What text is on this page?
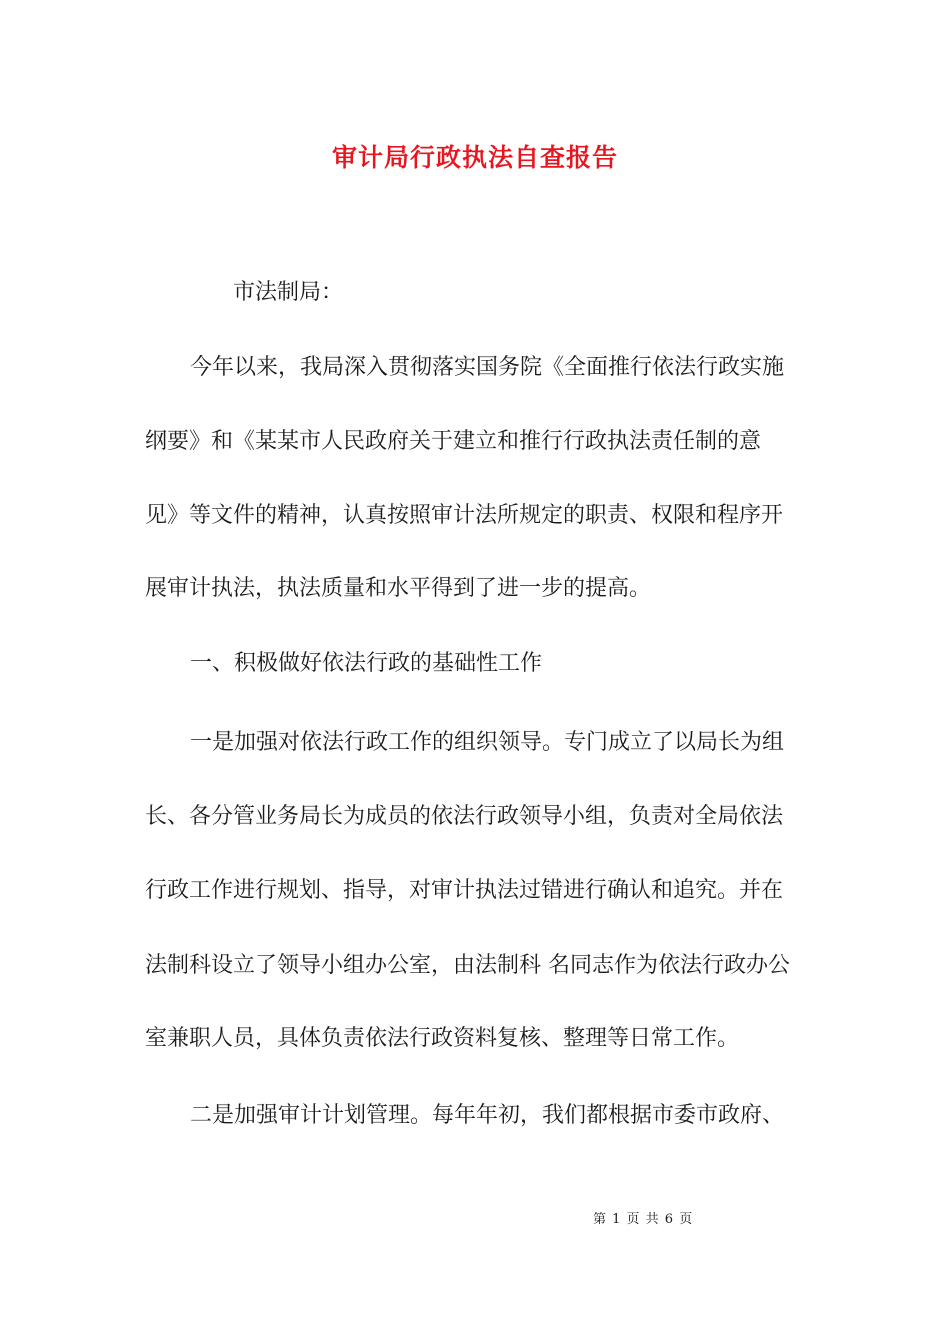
审计局行政执法自查报告
市法制局：
今年以来，我局深入贯彻落实国务院《全面推行依法行政实施
纲要》和《某某市人民政府关于建立和推行行政执法责任制的意
见》等文件的精神，认真按照审计法所规定的职责、权限和程序开
展审计执法，执法质量和水平得到了进一步的提高。
一、积极做好依法行政的基础性工作
一是加强对依法行政工作的组织领导。专门成立了以局长为组
长、各分管业务局长为成员的依法行政领导小组，负责对全局依法
行政工作进行规划、指导，对审计执法过错进行确认和追究。并在
法制科设立了领导小组办公室，由法制科 名同志作为依法行政办公
室兼职人员，具体负责依法行政资料复核、整理等日常工作。
二是加强审计计划管理。每年年初，我们都根据市委市政府、
第 1 页 共 6 页
